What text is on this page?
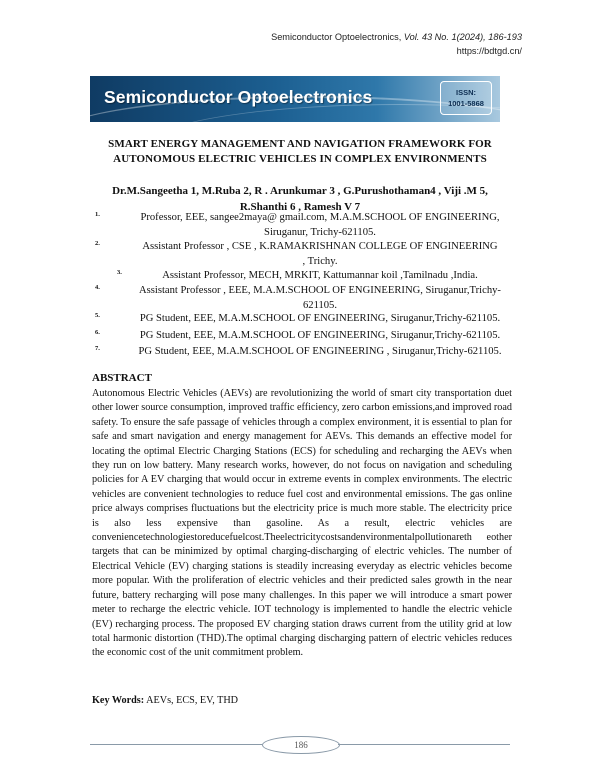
Semiconductor Optoelectronics, Vol. 43 No. 1(2024), 186-193
https://bdtgd.cn/
Semiconductor Optoelectronics	ISSN:
1001-5868
SMART ENERGY MANAGEMENT AND NAVIGATION FRAMEWORK FOR
AUTONOMOUS ELECTRIC VEHICLES IN COMPLEX ENVIRONMENTS
Dr.M.Sangeetha 1, M.Ruba 2, R . Arunkumar 3 , G.Purushothaman4 , Viji .M 5,
R.Shanthi 6 , Ramesh V 7
1.	Professor, EEE, sangee2maya@ gmail.com, M.A.M.SCHOOL OF ENGINEERING,
Siruganur, Trichy-621105.
2.	Assistant Professor , CSE , K.RAMAKRISHNAN COLLEGE OF ENGINEERING
, Trichy.
3.	Assistant Professor, MECH, MRKIT, Kattumannar koil ,Tamilnadu ,India.
4.	Assistant Professor , EEE, M.A.M.SCHOOL OF ENGINEERING, Siruganur,Trichy-
621105.
5.	PG Student, EEE, M.A.M.SCHOOL OF ENGINEERING, Siruganur,Trichy-621105.
6.	PG Student, EEE, M.A.M.SCHOOL OF ENGINEERING, Siruganur,Trichy-621105.
7.	PG Student, EEE, M.A.M.SCHOOL OF ENGINEERING , Siruganur,Trichy-621105.
ABSTRACT

Autonomous Electric Vehicles (AEVs) are revolutionizing the world of smart city transportation duet other lower source consumption, improved traffic efficiency, zero carbon emissions,and improved road safety. To ensure the safe passage of vehicles through a complex environment, it is essential to plan for safe and smart navigation and energy management for AEVs. This demands an effective model for locating the optimal Electric Charging Stations (ECS) for scheduling and recharging the AEVs when they run on low battery. Many research works, however, do not focus on navigation and scheduling policies for A EV charging that would occur in extreme events in complex environments. The electric vehicles are convenient technologies to reduce fuel cost and environmental emissions. The gas online price always comprises fluctuations but the electricity price is much more stable. The electricity price is also less expensive than gasoline. As a result, electric vehicles are conveniencetechnologiestoreducefuelcost.Theelectricitycostsandenvironmentalpollutionareth eother targets that can be minimized by optimal charging-discharging of electric vehicles. The number of Electrical Vehicle (EV) charging stations is steadily increasing everyday as electric vehicles become more popular. With the proliferation of electric vehicles and their predicted sales growth in the near future, battery recharging will pose many challenges. In this paper we will introduce a smart power meter to recharge the electric vehicle. IOT technology is implemented to handle the electric vehicle (EV) recharging process. The proposed EV charging station draws current from the utility grid at low total harmonic distortion (THD).The optimal charging discharging pattern of electric vehicles reduces the economic cost of the unit commitment problem.

Key Words: AEVs, ECS, EV, THD
186
